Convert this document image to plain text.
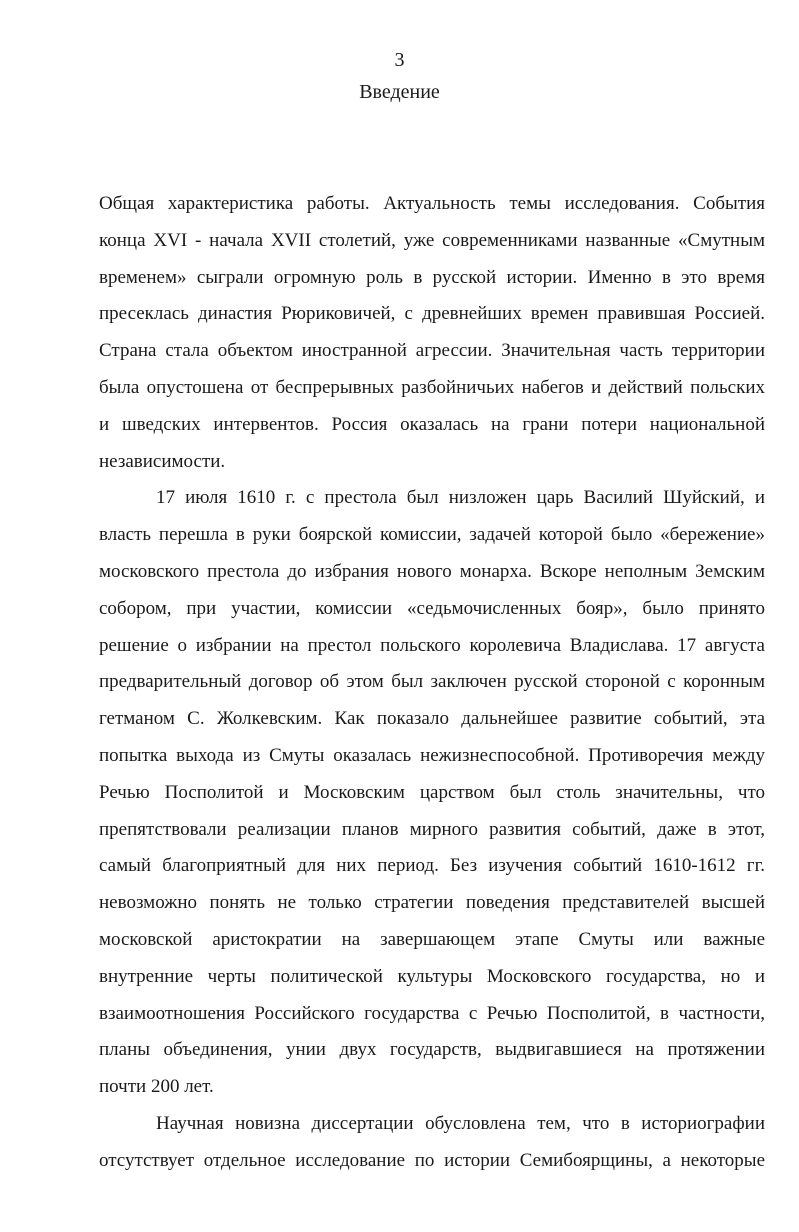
3
Введение
Общая характеристика работы. Актуальность темы исследования. События
конца XVI - начала XVII столетий, уже современниками названные «Смутным
временем» сыграли огромную роль в русской истории. Именно в это время
пресеклась династия Рюриковичей, с древнейших времен правившая Россией.
Страна стала объектом иностранной агрессии. Значительная часть территории
была опустошена от беспрерывных разбойничьих набегов и действий польских
и шведских интервентов. Россия оказалась на грани потери национальной
независимости.
17 июля 1610 г. с престола был низложен царь Василий Шуйский, и
власть перешла в руки боярской комиссии, задачей которой было «бережение»
московского престола до избрания нового монарха. Вскоре неполным Земским
собором, при участии, комиссии «седьмочисленных бояр», было принято
решение о избрании на престол польского королевича Владислава. 17 августа
предварительный договор об этом был заключен русской стороной с коронным
гетманом С. Жолкевским. Как показало дальнейшее развитие событий, эта
попытка выхода из Смуты оказалась нежизнеспособной. Противоречия между
Речью Посполитой и Московским царством был столь значительны, что
препятствовали реализации планов мирного развития событий, даже в этот,
самый благоприятный для них период. Без изучения событий 1610-1612 гг.
невозможно понять не только стратегии поведения представителей высшей
московской аристократии на завершающем этапе Смуты или важные
внутренние черты политической культуры Московского государства, но и
взаимоотношения Российского государства с Речью Посполитой, в частности,
планы объединения, унии двух государств, выдвигавшиеся на протяжении
почти 200 лет.
Научная новизна диссертации обусловлена тем, что в историографии
отсутствует отдельное исследование по истории Семибоярщины, а некоторые
